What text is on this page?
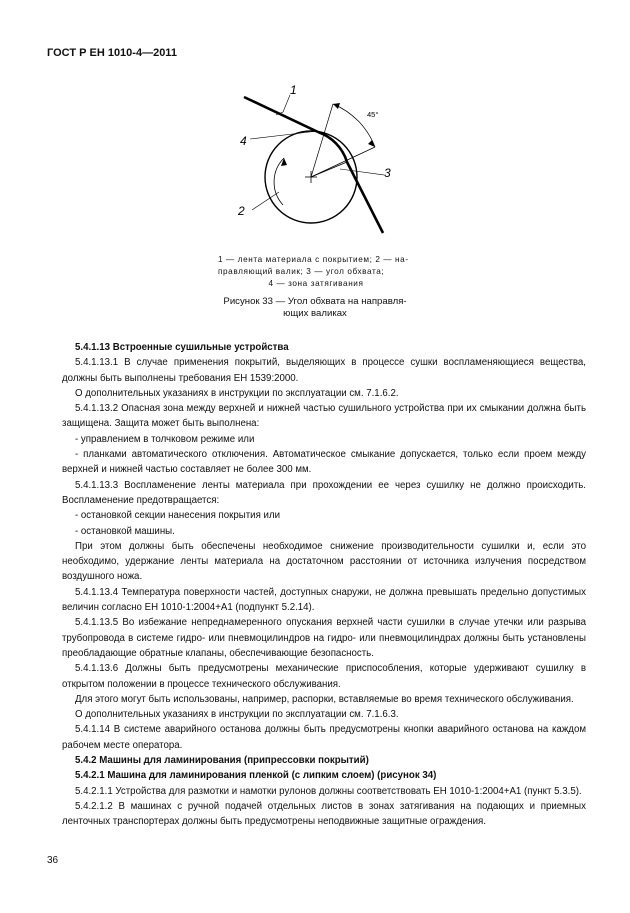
ГОСТ Р ЕН 1010-4—2011
1
4
3
2
45°
1 — лента материала с покрытием; 2 — на-
правляющий валик; 3 — угол обхвата;
4 — зона затягивания
Рисунок 33 — Угол обхвата на направля-
ющих валиках

5.4.1.13 Встроенные сушильные устройства

5.4.1.13.1 В случае применения покрытий, выделяющих в процессе сушки воспламеняющиеся вещества, должны быть выполнены требования ЕН 1539:2000.

О дополнительных указаниях в инструкции по эксплуатации см. 7.1.6.2.

5.4.1.13.2 Опасная зона между верхней и нижней частью сушильного устройства при их смыкании должна быть защищена. Защита может быть выполнена:

- управлением в толчковом режиме или

- планками автоматического отключения. Автоматическое смыкание допускается, только если проем между верхней и нижней частью составляет не более 300 мм.

5.4.1.13.3 Воспламенение ленты материала при прохождении ее через сушилку не должно происходить. Воспламенение предотвращается:

- остановкой секции нанесения покрытия или

- остановкой машины.

При этом должны быть обеспечены необходимое снижение производительности сушилки и, если это необходимо, удержание ленты материала на достаточном расстоянии от источника излучения посредством воздушного ножа.

5.4.1.13.4 Температура поверхности частей, доступных снаружи, не должна превышать предельно допустимых величин согласно ЕН 1010-1:2004+А1 (подпункт 5.2.14).

5.4.1.13.5 Во избежание непреднамеренного опускания верхней части сушилки в случае утечки или разрыва трубопровода в системе гидро- или пневмоцилиндров на гидро- или пневмоцилиндрах должны быть установлены преобладающие обратные клапаны, обеспечивающие безопасность.

5.4.1.13.6 Должны быть предусмотрены механические приспособления, которые удерживают сушилку в открытом положении в процессе технического обслуживания.

Для этого могут быть использованы, например, распорки, вставляемые во время технического обслуживания.

О дополнительных указаниях в инструкции по эксплуатации см. 7.1.6.3.

5.4.1.14 В системе аварийного останова должны быть предусмотрены кнопки аварийного останова на каждом рабочем месте оператора.

5.4.2 Машины для ламинирования (припрессовки покрытий)

5.4.2.1 Машина для ламинирования пленкой (с липким слоем) (рисунок 34)

5.4.2.1.1 Устройства для размотки и намотки рулонов должны соответствовать ЕН 1010-1:2004+А1 (пункт 5.3.5).

5.4.2.1.2 В машинах с ручной подачей отдельных листов в зонах затягивания на подающих и приемных ленточных транспортерах должны быть предусмотрены неподвижные защитные ограждения.

36
